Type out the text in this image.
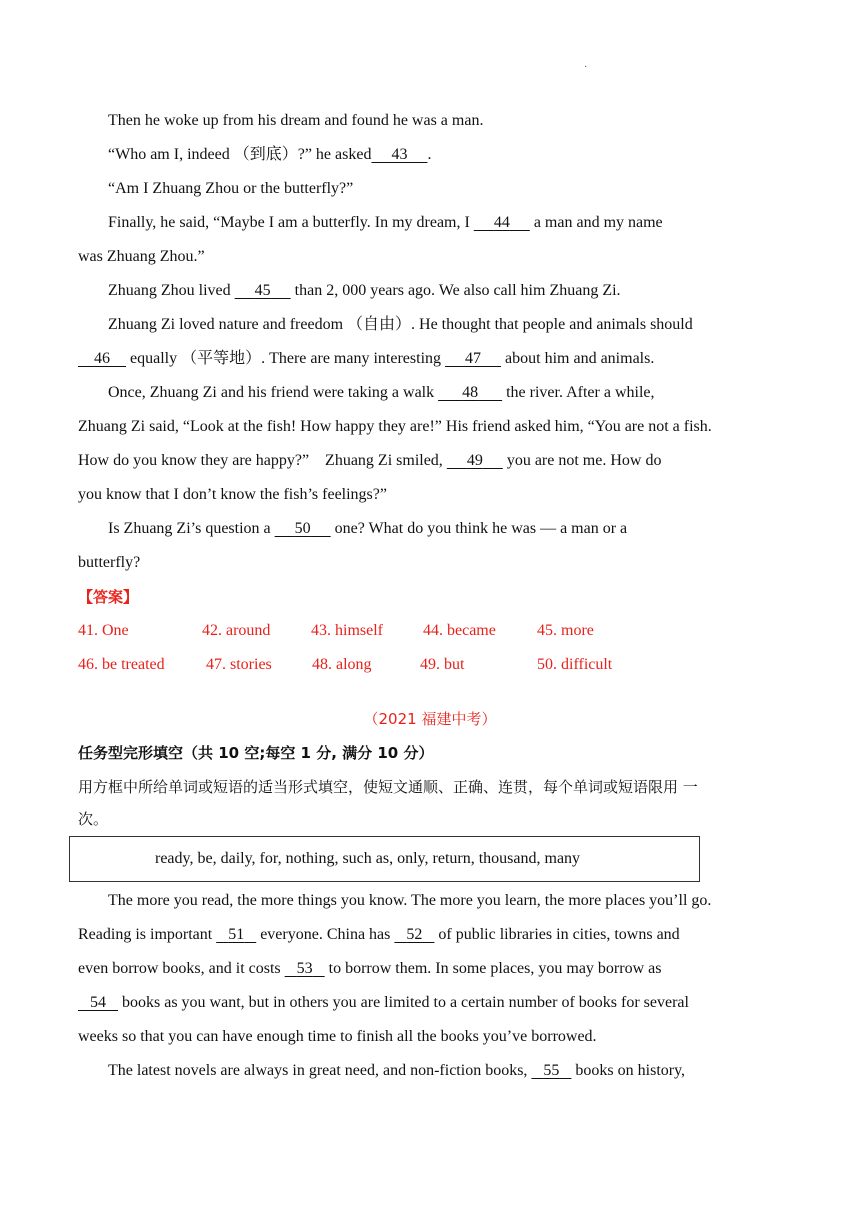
·
Then he woke up from his dream and found he was a man.
“Who am I, indeed （到底）?” he asked 43 .
“Am I Zhuang Zhou or the butterfly?”
Finally, he said, “Maybe I am a butterfly. In my dream, I      44      a man and my name
was Zhuang Zhou.”
Zhuang Zhou lived      45      than 2, 000 years ago. We also call him Zhuang Zi.
Zhuang Zi loved nature and freedom （自由）. He thought that people and animals should
46     equally （平等地）. There are many interesting      47      about him and animals.
Once, Zhuang Zi and his friend were taking a walk       48       the river. After a while,
Zhuang Zi said, “Look at the fish! How happy they are!” His friend asked him, “You are not a fish.
How do you know they are happy?”    Zhuang Zi smiled,      49      you are not me. How do
you know that I don’t know the fish’s feelings?”
Is Zhuang Zi’s question a      50      one? What do you think he was — a man or a
butterfly?
【答案】
41. One	42. around	43. himself	44. became	45. more
46. be treated	47. stories	48. along	49. but	50. difficult
（2021 福建中考）
任务型完形填空（共 10 空;每空 1 分, 满分 10 分）
用方框中所给单词或短语的适当形式填空，使短文通顺、正确、连贯，每个单词或短语限用 一
次。
ready, be, daily, for, nothing, such as, only, return, thousand, many
The more you read, the more things you know. The more you learn, the more places you’ll go.
Reading is important    51    everyone. China has    52    of public libraries in cities, towns and
even borrow books, and it costs    53    to borrow them. In some places, you may borrow as
54    books as you want, but in others you are limited to a certain number of books for several
weeks so that you can have enough time to finish all the books you’ve borrowed.
The latest novels are always in great need, and non-fiction books,    55    books on history,
